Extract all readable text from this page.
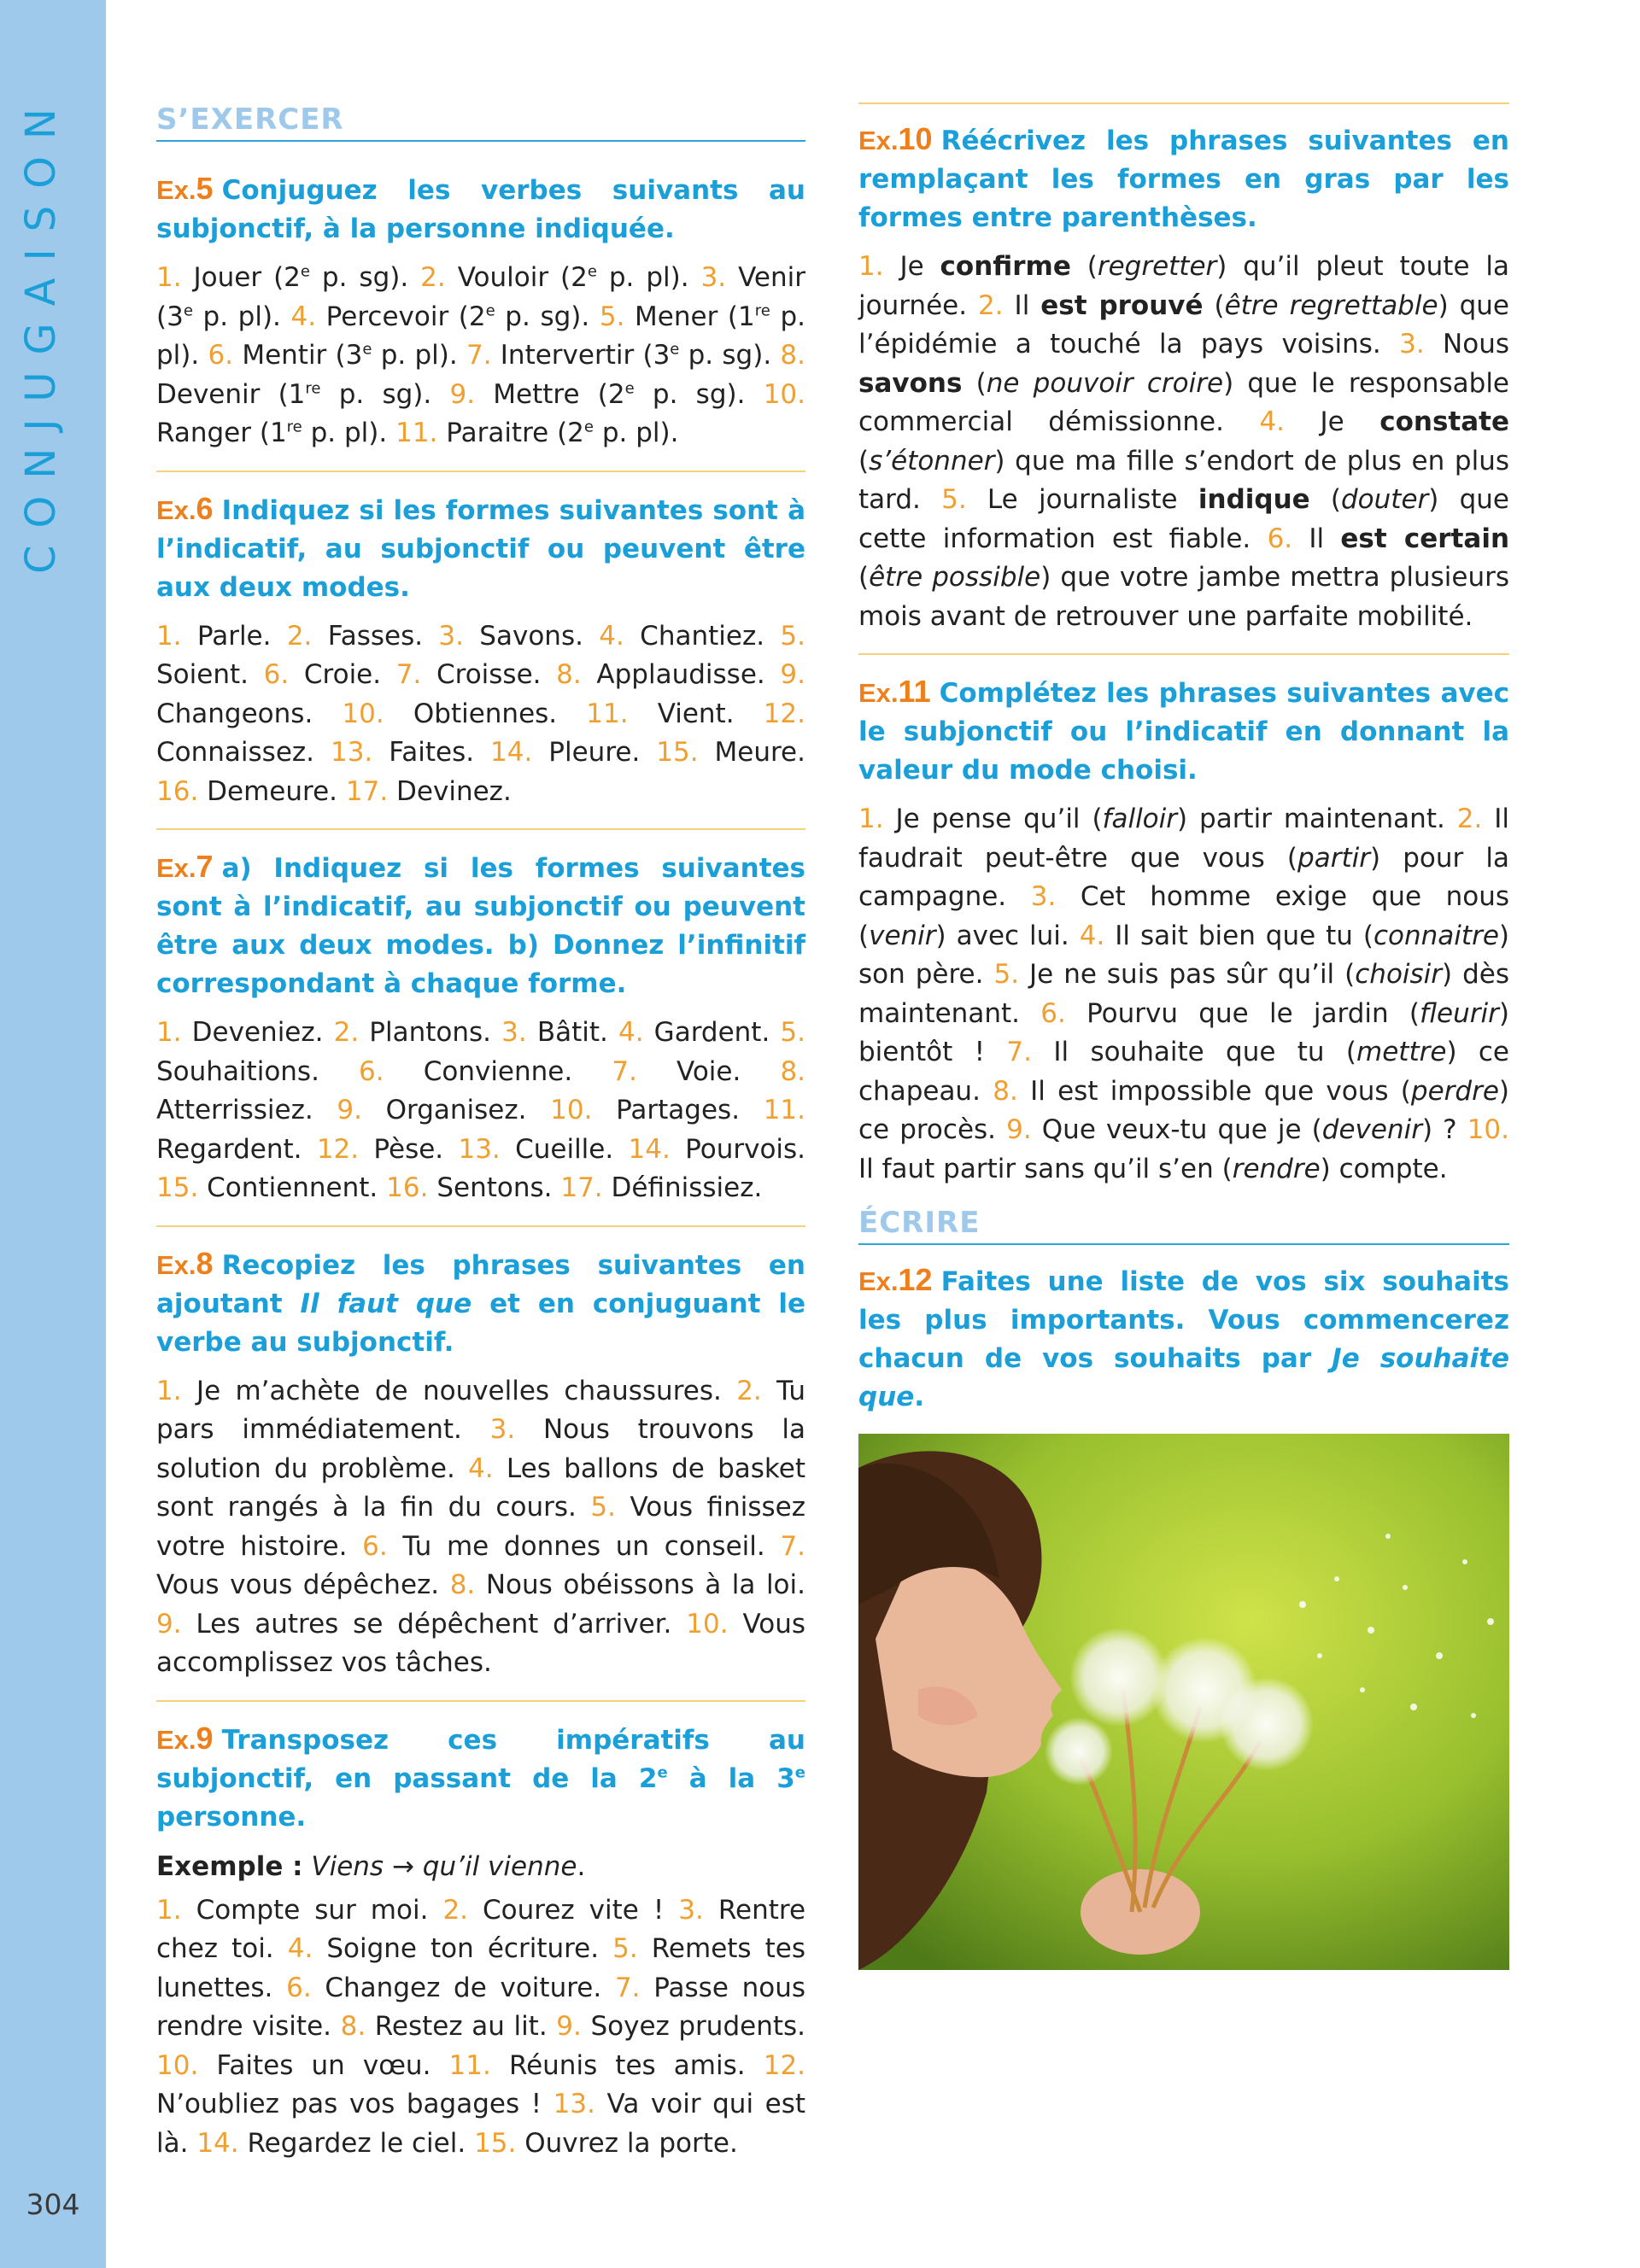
CONJUGAISON
304
S’EXERCER
Ex.5 Conjuguez les verbes suivants au subjonctif, à la personne indiquée.
1. Jouer (2e p. sg). 2. Vouloir (2e p. pl). 3. Venir (3e p. pl). 4. Percevoir (2e p. sg). 5. Mener (1re p. pl). 6. Mentir (3e p. pl). 7. Intervertir (3e p. sg). 8. Devenir (1re p. sg). 9. Mettre (2e p. sg). 10. Ranger (1re p. pl). 11. Paraitre (2e p. pl).
Ex.6 Indiquez si les formes suivantes sont à l’indicatif, au subjonctif ou peuvent être aux deux modes.
1. Parle. 2. Fasses. 3. Savons. 4. Chantiez. 5. Soient. 6. Croie. 7. Croisse. 8. Applaudisse. 9. Changeons. 10. Obtiennes. 11. Vient. 12. Connaissez. 13. Faites. 14. Pleure. 15. Meure. 16. Demeure. 17. Devinez.
Ex.7 a) Indiquez si les formes suivantes sont à l’indicatif, au subjonctif ou peuvent être aux deux modes. b) Donnez l’infinitif correspondant à chaque forme.
1. Deveniez. 2. Plantons. 3. Bâtit. 4. Gardent. 5. Souhaitions. 6. Convienne. 7. Voie. 8. Atterrissiez. 9. Organisez. 10. Partages. 11. Regardent. 12. Pèse. 13. Cueille. 14. Pourvois. 15. Contiennent. 16. Sentons. 17. Définissiez.
Ex.8 Recopiez les phrases suivantes en ajoutant Il faut que et en conjuguant le verbe au subjonctif.
1. Je m’achète de nouvelles chaussures. 2. Tu pars immédiatement. 3. Nous trouvons la solution du problème. 4. Les ballons de basket sont rangés à la fin du cours. 5. Vous finissez votre histoire. 6. Tu me donnes un conseil. 7. Vous vous dépêchez. 8. Nous obéissons à la loi. 9. Les autres se dépêchent d’arriver. 10. Vous accomplissez vos tâches.
Ex.9 Transposez ces impératifs au subjonctif, en passant de la 2e à la 3e personne.
Exemple : Viens → qu’il vienne.
1. Compte sur moi. 2. Courez vite ! 3. Rentre chez toi. 4. Soigne ton écriture. 5. Remets tes lunettes. 6. Changez de voiture. 7. Passe nous rendre visite. 8. Restez au lit. 9. Soyez prudents. 10. Faites un vœu. 11. Réunis tes amis. 12. N’oubliez pas vos bagages ! 13. Va voir qui est là. 14. Regardez le ciel. 15. Ouvrez la porte.
Ex.10 Réécrivez les phrases suivantes en remplaçant les formes en gras par les formes entre parenthèses.
1. Je confirme (regretter) qu’il pleut toute la journée. 2. Il est prouvé (être regrettable) que l’épidémie a touché la pays voisins. 3. Nous savons (ne pouvoir croire) que le responsable commercial démissionne. 4. Je constate (s’étonner) que ma fille s’endort de plus en plus tard. 5. Le journaliste indique (douter) que cette information est fiable. 6. Il est certain (être possible) que votre jambe mettra plusieurs mois avant de retrouver une parfaite mobilité.
Ex.11 Complétez les phrases suivantes avec le subjonctif ou l’indicatif en donnant la valeur du mode choisi.
1. Je pense qu’il (falloir) partir maintenant. 2. Il faudrait peut-être que vous (partir) pour la campagne. 3. Cet homme exige que nous (venir) avec lui. 4. Il sait bien que tu (connaitre) son père. 5. Je ne suis pas sûr qu’il (choisir) dès maintenant. 6. Pourvu que le jardin (fleurir) bientôt ! 7. Il souhaite que tu (mettre) ce chapeau. 8. Il est impossible que vous (perdre) ce procès. 9. Que veux-tu que je (devenir) ? 10. Il faut partir sans qu’il s’en (rendre) compte.
ÉCRIRE
Ex.12 Faites une liste de vos six souhaits les plus importants. Vous commencerez chacun de vos souhaits par Je souhaite que.
